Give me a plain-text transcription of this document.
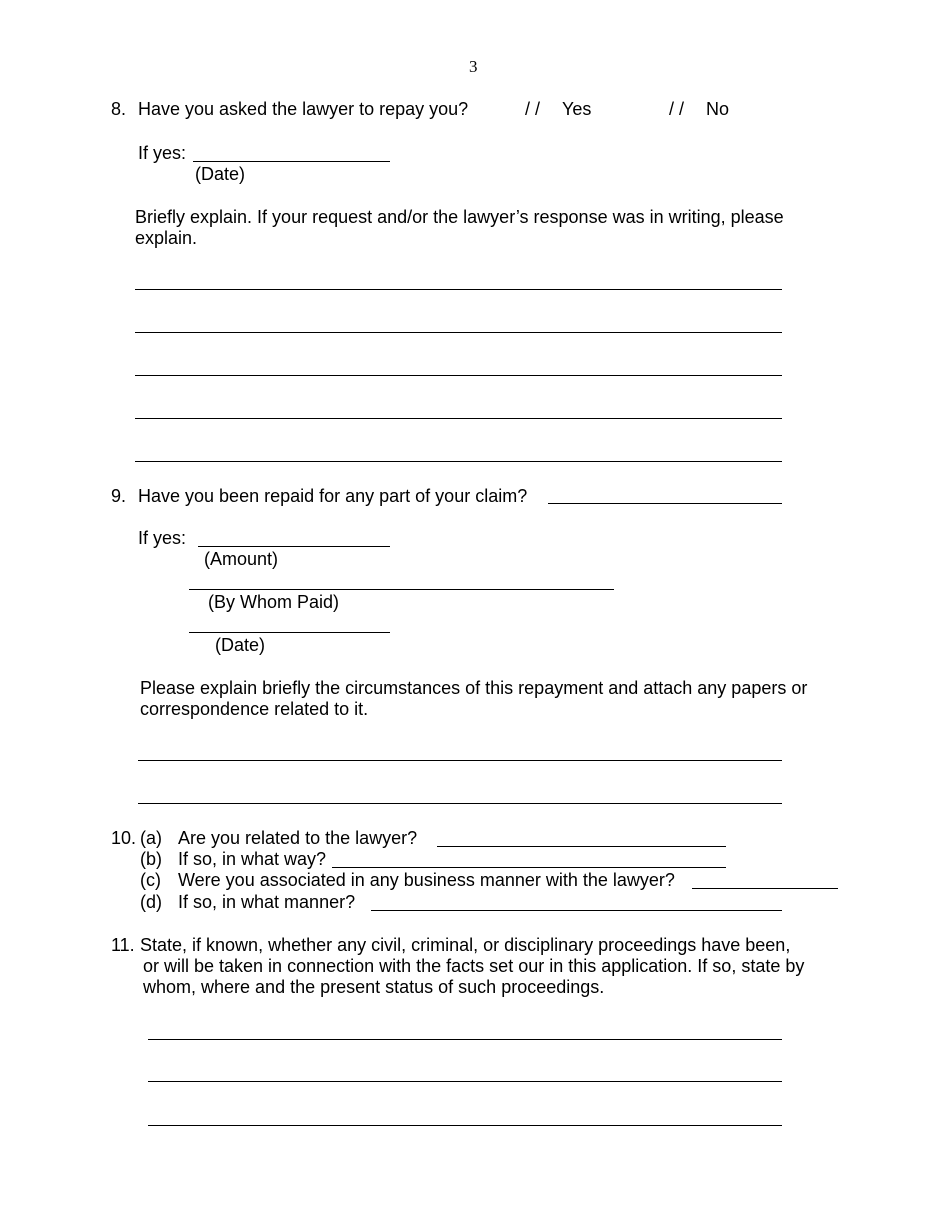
3
8. Have you asked the lawyer to repay you?	/ / Yes	/ / No
If yes:
(Date)
Briefly explain. If your request and/or the lawyer’s response was in writing, please
explain.
9. Have you been repaid for any part of your claim?
If yes:
(Amount)
(By Whom Paid)
(Date)
Please explain briefly the circumstances of this repayment and attach any papers or
correspondence related to it.
10. (a) Are you related to the lawyer?
(b) If so, in what way?
(c) Were you associated in any business manner with the lawyer?
(d) If so, in what manner?
11. State, if known, whether any civil, criminal, or disciplinary proceedings have been,
or will be taken in connection with the facts set our in this application. If so, state by
whom, where and the present status of such proceedings.
